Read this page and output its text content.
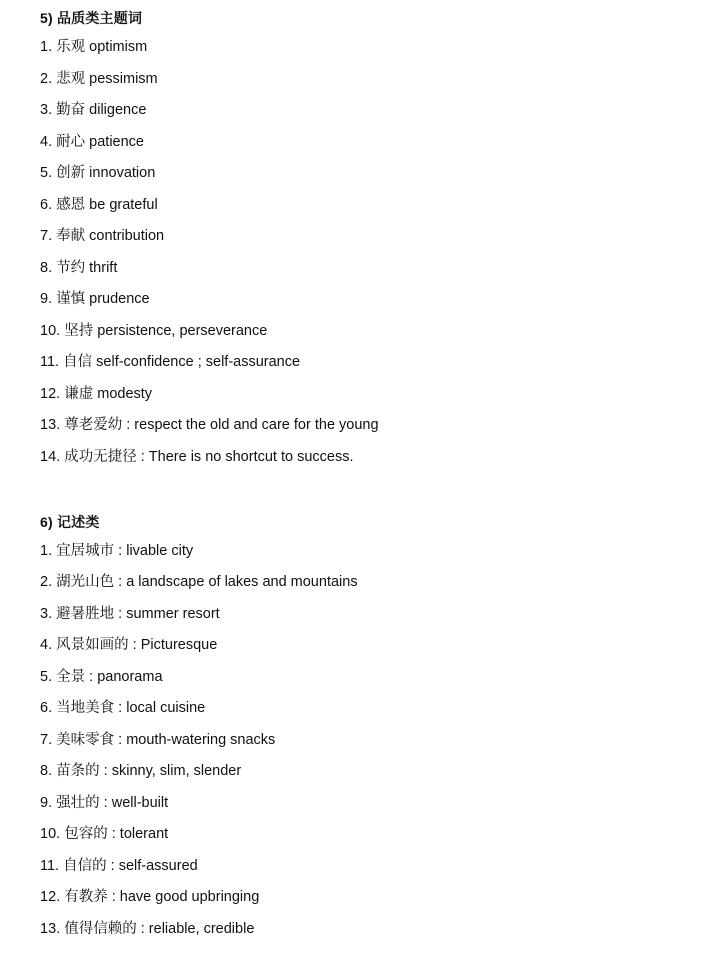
5) 品质类主题词
1. 乐观 optimism
2. 悲观 pessimism
3. 勤奋 diligence
4. 耐心 patience
5. 创新 innovation
6. 感恩 be grateful
7. 奉献 contribution
8. 节约 thrift
9. 谨慎 prudence
10. 坚持 persistence, perseverance
11. 自信 self-confidence ; self-assurance
12. 谦虚 modesty
13. 尊老爱幼 : respect the old and care for the young
14. 成功无捷径 : There is no shortcut to success.
6) 记述类
1. 宜居城市 : livable city
2. 湖光山色 : a landscape of lakes and mountains
3. 避暑胜地 : summer resort
4. 风景如画的 : Picturesque
5. 全景 : panorama
6. 当地美食 : local cuisine
7. 美味零食 : mouth-watering snacks
8. 苗条的 : skinny, slim, slender
9. 强壮的 : well-built
10. 包容的 : tolerant
11. 自信的 : self-assured
12. 有教养 : have good upbringing
13. 值得信赖的 : reliable, credible
